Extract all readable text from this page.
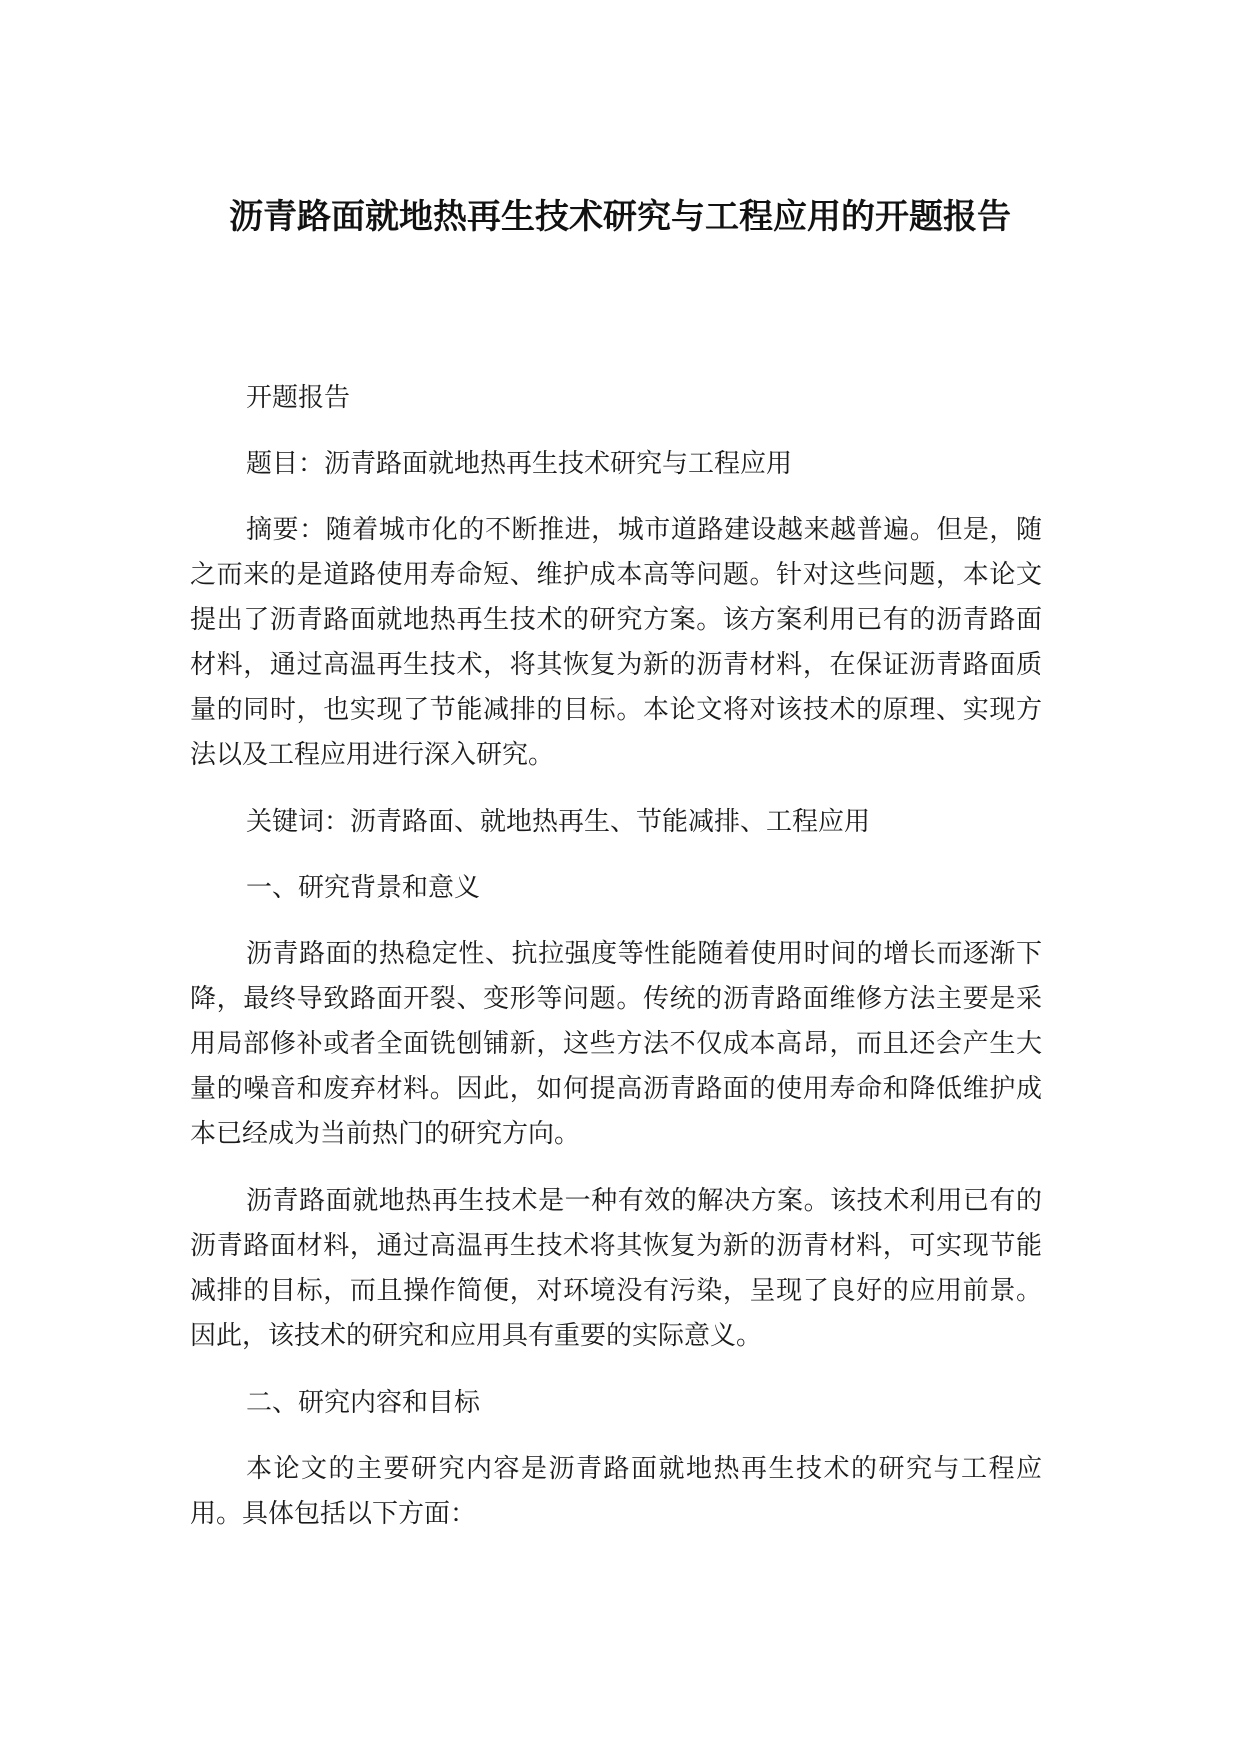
沥青路面就地热再生技术研究与工程应用的开题报告

开题报告

题目：沥青路面就地热再生技术研究与工程应用

摘要：随着城市化的不断推进，城市道路建设越来越普遍。但是，随之而来的是道路使用寿命短、维护成本高等问题。针对这些问题，本论文提出了沥青路面就地热再生技术的研究方案。该方案利用已有的沥青路面材料，通过高温再生技术，将其恢复为新的沥青材料，在保证沥青路面质量的同时，也实现了节能减排的目标。本论文将对该技术的原理、实现方法以及工程应用进行深入研究。

关键词：沥青路面、就地热再生、节能减排、工程应用

一、研究背景和意义

沥青路面的热稳定性、抗拉强度等性能随着使用时间的增长而逐渐下降，最终导致路面开裂、变形等问题。传统的沥青路面维修方法主要是采用局部修补或者全面铣刨铺新，这些方法不仅成本高昂，而且还会产生大量的噪音和废弃材料。因此，如何提高沥青路面的使用寿命和降低维护成本已经成为当前热门的研究方向。

沥青路面就地热再生技术是一种有效的解决方案。该技术利用已有的沥青路面材料，通过高温再生技术将其恢复为新的沥青材料，可实现节能减排的目标，而且操作简便，对环境没有污染，呈现了良好的应用前景。因此，该技术的研究和应用具有重要的实际意义。

二、研究内容和目标

本论文的主要研究内容是沥青路面就地热再生技术的研究与工程应用。具体包括以下方面：
